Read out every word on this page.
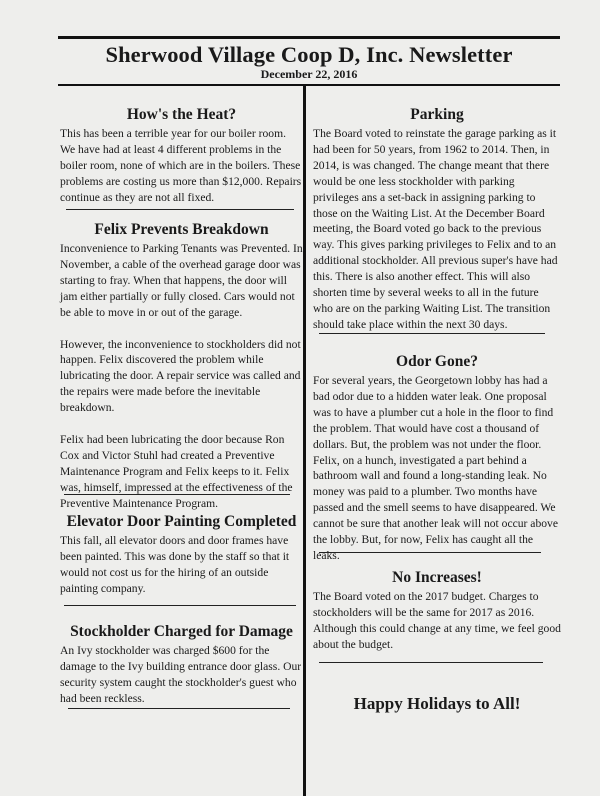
Sherwood Village Coop D, Inc. Newsletter
December 22, 2016
How's the Heat?

This has been a terrible year for our boiler room. We have had at least 4 different problems in the boiler room, none of which are in the boilers. These problems are costing us more than $12,000. Repairs continue as they are not all fixed.

Felix Prevents Breakdown

Inconvenience to Parking Tenants was Prevented. In November, a cable of the overhead garage door was starting to fray. When that happens, the door will jam either partially or fully closed. Cars would not be able to move in or out of the garage.

However, the inconvenience to stockholders did not happen. Felix discovered the problem while lubricating the door. A repair service was called and the repairs were made before the inevitable breakdown.

Felix had been lubricating the door because Ron Cox and Victor Stuhl had created a Preventive Maintenance Program and Felix keeps to it. Felix was, himself, impressed at the effectiveness of the Preventive Maintenance Program.

Elevator Door Painting Completed

This fall, all elevator doors and door frames have been painted. This was done by the staff so that it would not cost us for the hiring of an outside painting company.

Stockholder Charged for Damage

An Ivy stockholder was charged $600 for the damage to the Ivy building entrance door glass. Our security system caught the stockholder's guest who had been reckless.

Parking

The Board voted to reinstate the garage parking as it had been for 50 years, from 1962 to 2014. Then, in 2014, is was changed. The change meant that there would be one less stockholder with parking privileges ans a set-back in assigning parking to those on the Waiting List. At the December Board meeting, the Board voted go back to the previous way. This gives parking privileges to Felix and to an additional stockholder. All previous super's have had this. There is also another effect. This will also shorten time by several weeks to all in the future who are on the parking Waiting List. The transition should take place within the next 30 days.

Odor Gone?

For several years, the Georgetown lobby has had a bad odor due to a hidden water leak. One proposal was to have a plumber cut a hole in the floor to find the problem. That would have cost a thousand of dollars. But, the problem was not under the floor. Felix, on a hunch, investigated a part behind a bathroom wall and found a long-standing leak. No money was paid to a plumber. Two months have passed and the smell seems to have disappeared. We cannot be sure that another leak will not occur above the lobby. But, for now, Felix has caught all the leaks.

No Increases!

The Board voted on the 2017 budget. Charges to stockholders will be the same for 2017 as 2016. Although this could change at any time, we feel good about the budget.

Happy Holidays to All!
